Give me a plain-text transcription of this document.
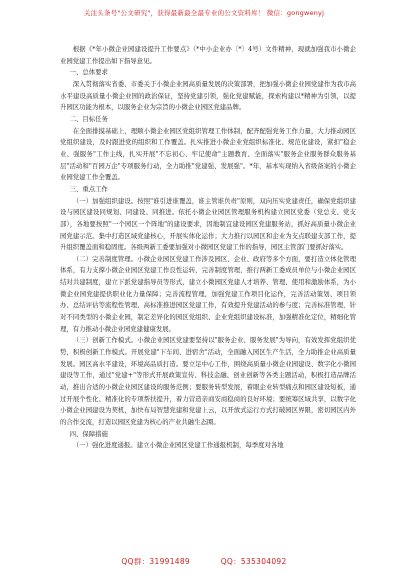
关注头条号"公文研究"，获得最新最全最专业的公文资料库！ 微信：gongwenyj

根据《*年小微企业园建设提升工作要点》（*中小企业办〔*〕4号）文件精神，现就加强我市小微企业园党建工作提出如下指导意见。

一、总体要求

深入贯彻落实省委、市委关于小微企业园高质量发展的决策部署，把加强小微企业园党建作为我市高水平建设高质量小微企业园的政治保证，坚持党建引领，强化党建赋能，探索构建以*精神为引领，以提升园区功能为根本，以服务企业为宗旨的小微企业园区党建品牌。

二、目标任务

在全面排摸基础上，理顺小微企业园区党组织管理工作体制，配齐配强党务工作力量，大力推动园区党组织建设，及时跟进党的组织和工作覆盖。扎实推进小微企业党组织标准化、规范化建设，紧扣"稳企业、强服务"工作主线，扎实开展"不忘初心、牢记使命"主题教育、全面落实"服务企业服务群众服务基层"活动和"百园万企"专项服务行动，全力助推"党建强、发展强"。*年，基本实现纳入省级备案的小微企业园党建工作全覆盖。

三、重点工作

（一）加强组织建设。按照"谁引进谁覆盖，谁主管谁负责"原则，双向压实党建责任，确保党组织建设与园区建设同规划、同建设、同推进。依托小微企业园区管理服务机构建立园区党委（党总支、党支部），各地要按照"一个园区一个阵地"的建设要求，因地制宜建设园区党建服务站，抓好高质量小微企业园党建示范。集中打造区域党建核心，开展实体化运作；大力推行以园区和企业为支点联建支部工作，提升组织覆盖面和稳固度。各级两新工委要加强对小微园区党建工作的指导，园区主管部门要抓好落实。

（二）完善制度管理。小微企业园区党建工作涉及园区、企业、政府等多个方面，要打造立体化管理体系，有力支撑小微企业园区党建工作良性运转，完善制度管理，推行两新工委成员单位与小微企业园区结对共建制度，建立下派党建指导员等形式，建立小微园区党建人才培养、管理、使用和激励体系，为小微企业园党建提供职业化力量保障；完善流程管理，加强党建工作项目化运作，完善活动策划、项目领办、总结评估等流程性管理，高标准推进园区党建工作，有效提升党建活动的参与度；完善标准管理，针对不同类型的小微企业园，制定差异化的园区党组织、企业党组织建设标准，加强精准化定位，精细化管理，有力推动小微企业园党建健康发展。

（三）创新工作模式。小微企业园区党建要坚持以"服务企业、服务发展"为导向，有效发挥党组织优势，积极创新工作模式。开展党建"下车间、进宿舍"活动，全面融入园区生产生活，全力助推企业高质量发展。园区高水平建设，环境高品质打造。要立足中心工作，围绕高质量小微企业园建设、数字化小微园建设等工作，通过"党建+"等形式开展政策宣传、科技金融、创业创新等各类主题活动，积极打造品牌活动，推出合适的小微企业园区建设的服务范例；要服务转型发展，着眼企业转型痛点和园区建设短板，通过开展个性化、精准化的专项帮扶提升，着力营造亲商安商稳商的良好环境；要统筹区域共享，以数字化小微企业园建设为契机，加快布局智慧党建和党建上云，以开放式运行方式打破园区界限，密切园区内外的合作交流，打造以园区党建为核心的产业共融生态圈。

四、保障措施

（一）强化进度通报。建立小微企业园区党建工作通报机制，每季度对各地

QQ群：31991489	QQ：535304092
